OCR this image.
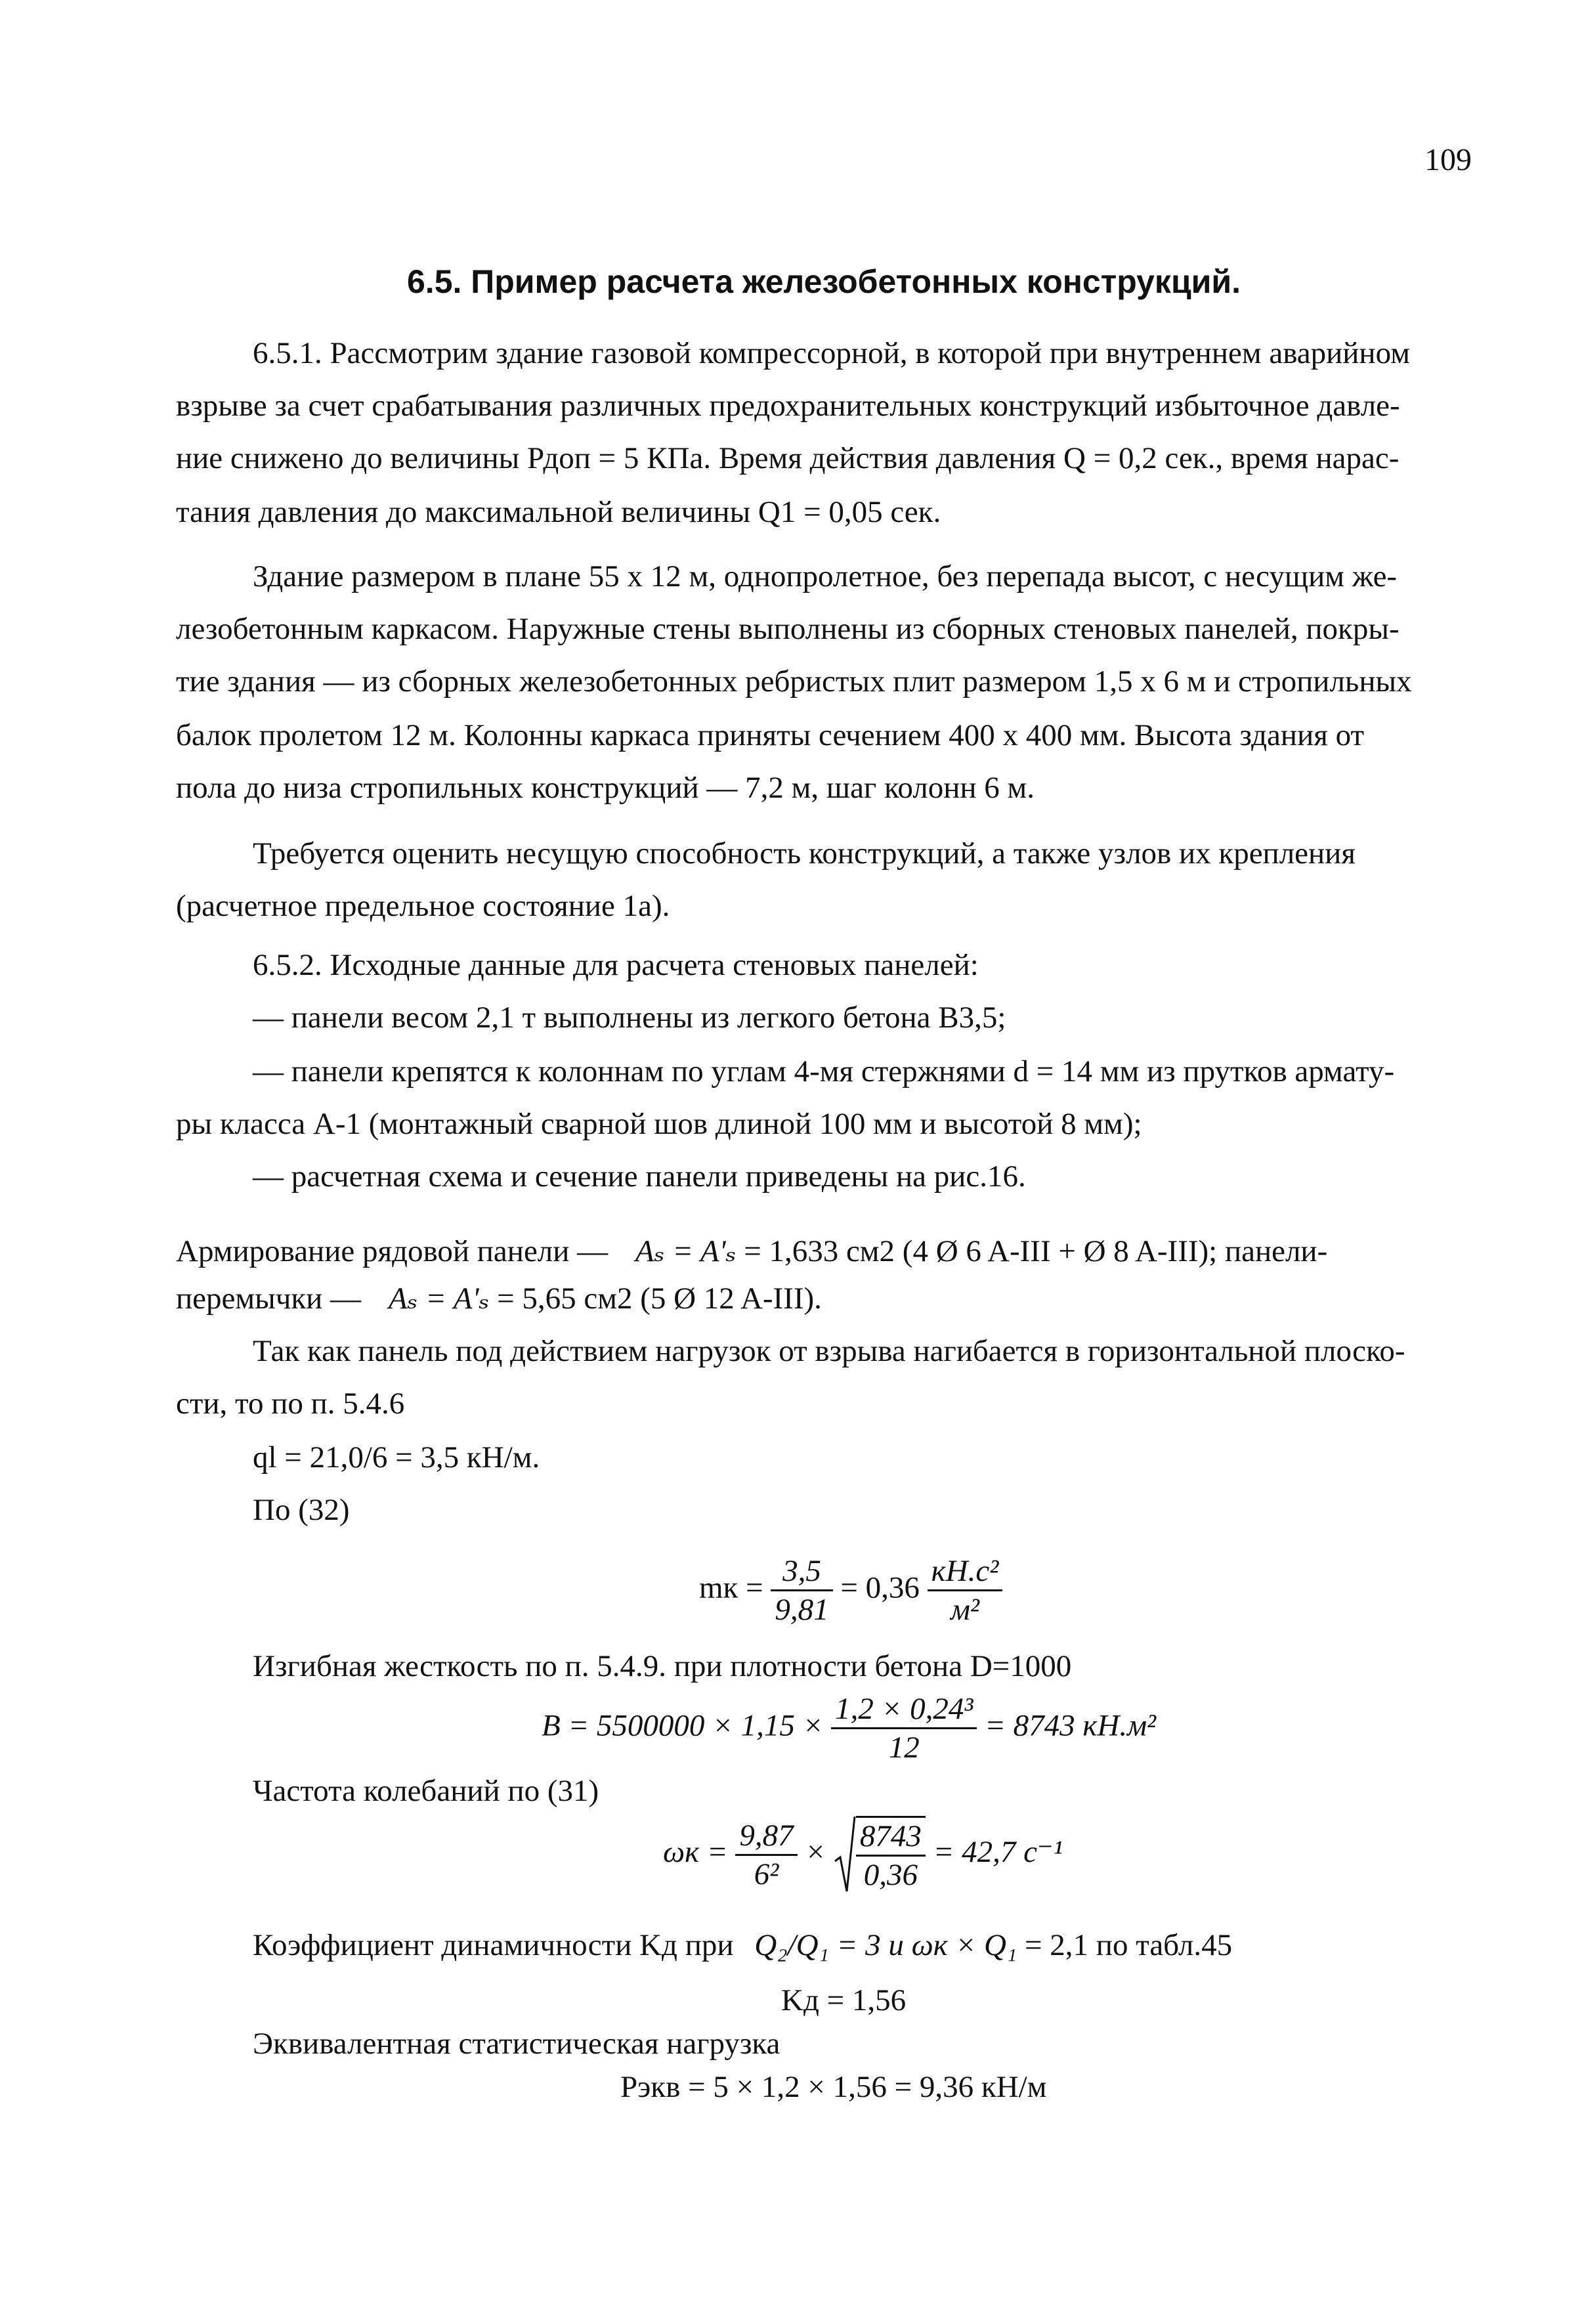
109
6.5. Пример расчета железобетонных конструкций.
6.5.1. Рассмотрим здание газовой компрессорной, в которой при внутреннем аварийном
взрыве за счет срабатывания различных предохранительных конструкций избыточное давле-
ние снижено до величины Рдоп = 5 КПа. Время действия давления Q = 0,2 сек., время нарас-
тания давления до максимальной величины Q1 = 0,05 сек.
Здание размером в плане 55 x 12 м, однопролетное, без перепада высот, с несущим же-
лезобетонным каркасом. Наружные стены выполнены из сборных стеновых панелей, покры-
тие здания — из сборных железобетонных ребристых плит размером 1,5 x 6 м и стропильных
балок пролетом 12 м. Колонны каркаса приняты сечением 400 x 400 мм. Высота здания от
пола до низа стропильных конструкций — 7,2 м, шаг колонн 6 м.
Требуется оценить несущую способность конструкций, а также узлов их крепления
(расчетное предельное состояние 1а).
6.5.2. Исходные данные для расчета стеновых панелей:
— панели весом 2,1 т выполнены из легкого бетона B3,5;
— панели крепятся к колоннам по углам 4-мя стержнями d = 14 мм из прутков армату-
ры класса A-1 (монтажный сварной шов длиной 100 мм и высотой 8 мм);
— расчетная схема и сечение панели приведены на рис.16.
Армирование рядовой панели — Aₛ = A'ₛ = 1,633 см2 (4 Ø 6 A-III + Ø 8 A-III); панели-
перемычки — Aₛ = A'ₛ = 5,65 см2 (5 Ø 12 A-III).
Так как панель под действием нагрузок от взрыва нагибается в горизонтальной плоско-
сти, то по п. 5.4.6
ql = 21,0/6 = 3,5 кН/м.
По (32)
mк = $\frac{3,5}{9,81} = 0,36 \frac{\text{кН.с²}}{\text{м²}}$
Изгибная жесткость по п. 5.4.9. при плотности бетона D=1000
$B = 5500000 \times 1,15 \times \frac{\text{1,2 × 0,24³}}{12} = 8743$ кН.м²
Частота колебаний по (31)
$\omega к = \frac{9,87}{\text{6²}} \times \frac{8743}{0,36} = 42,7$ c⁻¹
Коэффициент динамичности Kд при Q₂/Q₁ = 3 и ωк × Q₁ = 2,1 по табл.45
Kд = 1,56
Эквивалентная статистическая нагрузка
Pэкв = 5 × 1,2 × 1,56 = 9,36 кН/м
